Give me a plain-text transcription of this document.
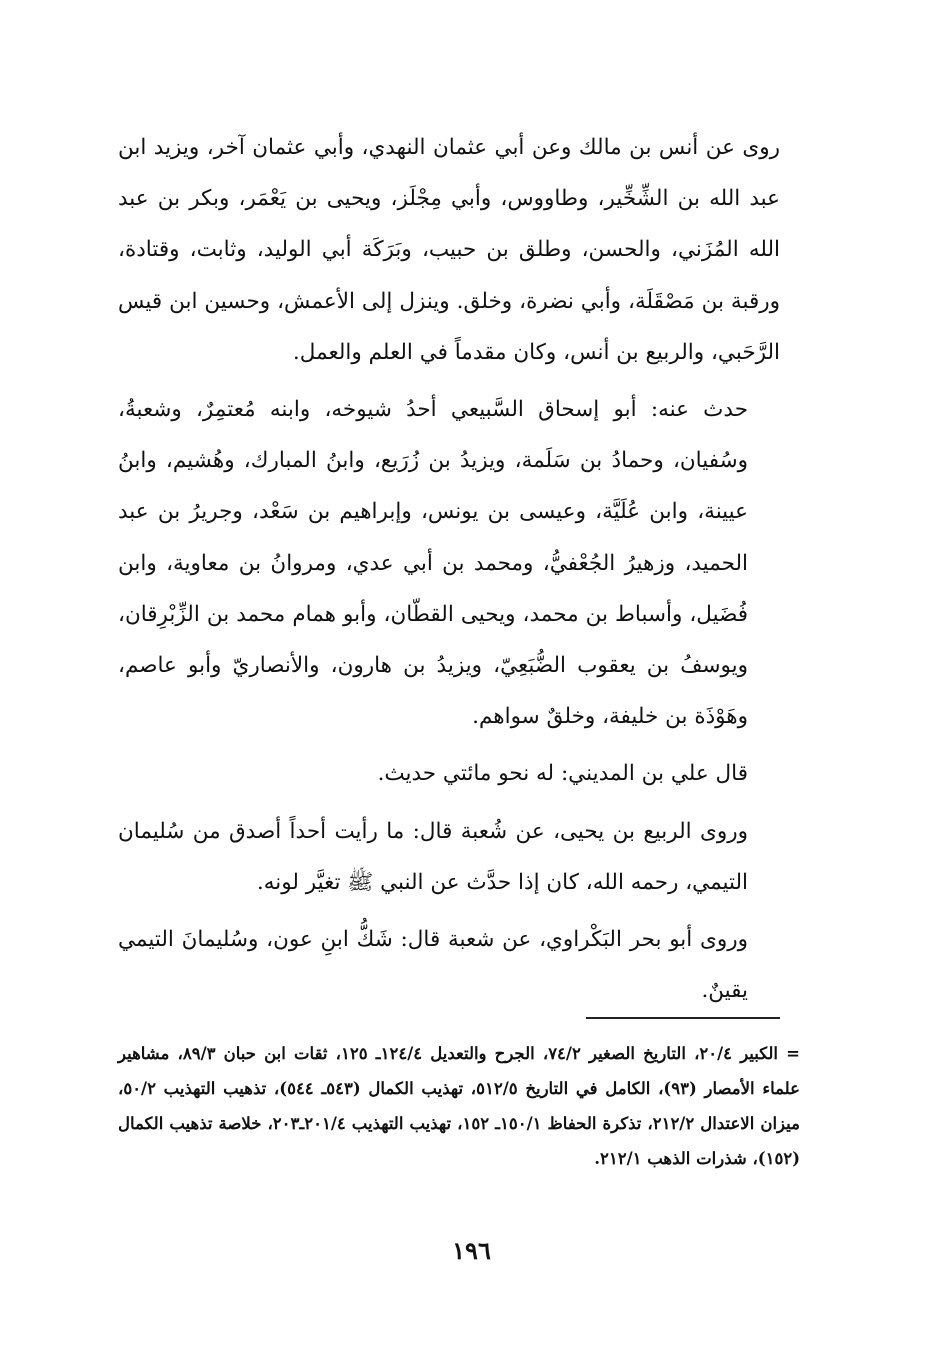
روى عن أنس بن مالك وعن أبي عثمان النهدي، وأبي عثمان آخر، ويزيد ابن عبد الله بن الشِّخِّير، وطاووس، وأبي مِجْلَز، ويحيى بن يَعْمَر، وبكر بن عبد الله المُزَني، والحسن، وطلق بن حبيب، وبَرَكَة أبي الوليد، وثابت، وقتادة، ورقبة بن مَصْقَلَة، وأبي نضرة، وخلق. وينزل إلى الأعمش، وحسين ابن قيس الرَّحَبي، والربيع بن أنس، وكان مقدماً في العلم والعمل.

حدث عنه: أبو إسحاق السَّبيعي أحدُ شيوخه، وابنه مُعتمِرٌ، وشعبةُ، وسُفيان، وحمادُ بن سَلَمة، ويزيدُ بن زُرَيع، وابنُ المبارك، وهُشيم، وابنُ عيينة، وابن عُلَيَّة، وعيسى بن يونس، وإبراهيم بن سَعْد، وجريرُ بن عبد الحميد، وزهيرُ الجُعْفيُّ، ومحمد بن أبي عدي، ومروانُ بن معاوية، وابن فُضَيل، وأسباط بن محمد، ويحيى القطّان، وأبو همام محمد بن الزِّبْرِقان، ويوسفُ بن يعقوب الضُّبَعِيّ، ويزيدُ بن هارون، والأنصاريّ وأبو عاصم، وهَوْذَة بن خليفة، وخلقٌ سواهم.

قال علي بن المديني: له نحو مائتي حديث.

وروى الربيع بن يحيى، عن شُعبة قال: ما رأيت أحداً أصدق من سُليمان التيمي، رحمه الله، كان إذا حدَّث عن النبي ﷺ تغيَّر لونه.

وروى أبو بحر البَكْراوي، عن شعبة قال: شَكُّ ابنِ عون، وسُليمانَ التيمي يقينٌ.

= الكبير ٢٠/٤، التاريخ الصغير ٧٤/٢، الجرح والتعديل ١٢٤/٤ـ ١٢٥، ثقات ابن حبان ٨٩/٣، مشاهير علماء الأمصار (٩٣)، الكامل في التاريخ ٥١٢/٥، تهذيب الكمال (٥٤٣ـ ٥٤٤)، تذهيب التهذيب ٥٠/٢، ميزان الاعتدال ٢١٢/٢، تذكرة الحفاظ ١٥٠/١ـ ١٥٢، تهذيب التهذيب ٢٠١/٤ـ٢٠٣، خلاصة تذهيب الكمال (١٥٢)، شذرات الذهب ٢١٢/١.

١٩٦
